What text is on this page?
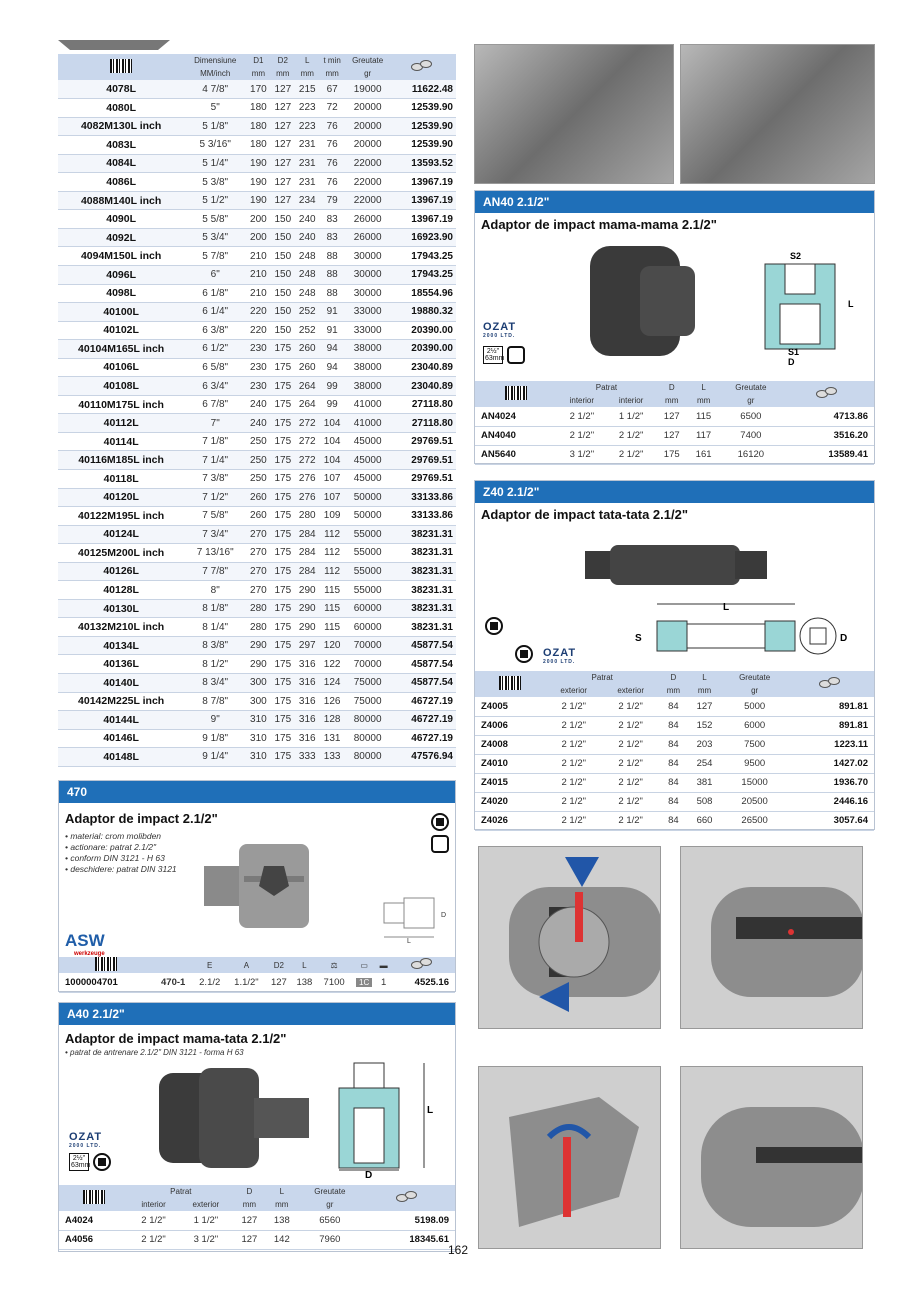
	Dimensiune	D1	D2	L	t min	Greutate	

	MM/inch	mm	mm	mm	mm	gr	
4078L	4 7/8"	170	127	215	67	19000	11622.48
4080L	5"	180	127	223	72	20000	12539.90
4082M130L inch	5 1/8"	180	127	223	76	20000	12539.90
4083L	5 3/16"	180	127	231	76	20000	12539.90
4084L	5 1/4"	190	127	231	76	22000	13593.52
4086L	5 3/8"	190	127	231	76	22000	13967.19
4088M140L inch	5 1/2"	190	127	234	79	22000	13967.19
4090L	5 5/8"	200	150	240	83	26000	13967.19
4092L	5 3/4"	200	150	240	83	26000	16923.90
4094M150L inch	5 7/8"	210	150	248	88	30000	17943.25
4096L	6"	210	150	248	88	30000	17943.25
4098L	6 1/8"	210	150	248	88	30000	18554.96
40100L	6 1/4"	220	150	252	91	33000	19880.32
40102L	6 3/8"	220	150	252	91	33000	20390.00
40104M165L inch	6 1/2"	230	175	260	94	38000	20390.00
40106L	6 5/8"	230	175	260	94	38000	23040.89
40108L	6 3/4"	230	175	264	99	38000	23040.89
40110M175L inch	6 7/8"	240	175	264	99	41000	27118.80
40112L	7"	240	175	272	104	41000	27118.80
40114L	7 1/8"	250	175	272	104	45000	29769.51
40116M185L inch	7 1/4"	250	175	272	104	45000	29769.51
40118L	7 3/8"	250	175	276	107	45000	29769.51
40120L	7 1/2"	260	175	276	107	50000	33133.86
40122M195L inch	7 5/8"	260	175	280	109	50000	33133.86
40124L	7 3/4"	270	175	284	112	55000	38231.31
40125M200L inch	7 13/16"	270	175	284	112	55000	38231.31
40126L	7 7/8"	270	175	284	112	55000	38231.31
40128L	8"	270	175	290	115	55000	38231.31
40130L	8 1/8"	280	175	290	115	60000	38231.31
40132M210L inch	8 1/4"	280	175	290	115	60000	38231.31
40134L	8 3/8"	290	175	297	120	70000	45877.54
40136L	8 1/2"	290	175	316	122	70000	45877.54
40140L	8 3/4"	300	175	316	124	75000	45877.54
40142M225L inch	8 7/8"	300	175	316	126	75000	46727.19
40144L	9"	310	175	316	128	80000	46727.19
40146L	9 1/8"	310	175	316	131	80000	46727.19
40148L	9 1/4"	310	175	333	133	80000	47576.94
470
Adaptor de impact 2.1/2"
• material: crom molibden
• actionare: patrat 2.1/2"
• conform DIN 3121 - H 63
• deschidere: patrat DIN 3121
ASW
werkzeuge
D
L
		E	A	D2	L	⚖	▭	▬	

1000004701	470-1	2.1/2	1.1/2"	127	138	7100	1C	1	4525.16
A40 2.1/2"
Adaptor de impact mama-tata 2.1/2"
• patrat de antrenare 2.1/2" DIN 3121 - forma H 63
OZAT
2000 LTD.
2½" 63mm
L
D
	Patrat		D	L	Greutate	

	interior	exterior	mm	mm	gr	
A4024	2 1/2"	1 1/2"	127	138	6560	5198.09
A4056	2 1/2"	3 1/2"	127	142	7960	18345.61
AN40 2.1/2"
Adaptor de impact mama-mama 2.1/2"
S2
S1
D
L
OZAT
2000 LTD.
2½" 63mm
	Patrat		D	L	Greutate	

	interior	interior	mm	mm	gr	
AN4024	2 1/2"	1 1/2"	127	115	6500	4713.86
AN4040	2 1/2"	2 1/2"	127	117	7400	3516.20
AN5640	3 1/2"	2 1/2"	175	161	16120	13589.41
Z40 2.1/2"
Adaptor de impact tata-tata 2.1/2"
L
S	D
OZAT
2000 LTD.
	Patrat		D	L	Greutate	

	exterior	exterior	mm	mm	gr	
Z4005	2 1/2"	2 1/2"	84	127	5000	891.81
Z4006	2 1/2"	2 1/2"	84	152	6000	891.81
Z4008	2 1/2"	2 1/2"	84	203	7500	1223.11
Z4010	2 1/2"	2 1/2"	84	254	9500	1427.02
Z4015	2 1/2"	2 1/2"	84	381	15000	1936.70
Z4020	2 1/2"	2 1/2"	84	508	20500	2446.16
Z4026	2 1/2"	2 1/2"	84	660	26500	3057.64
162
